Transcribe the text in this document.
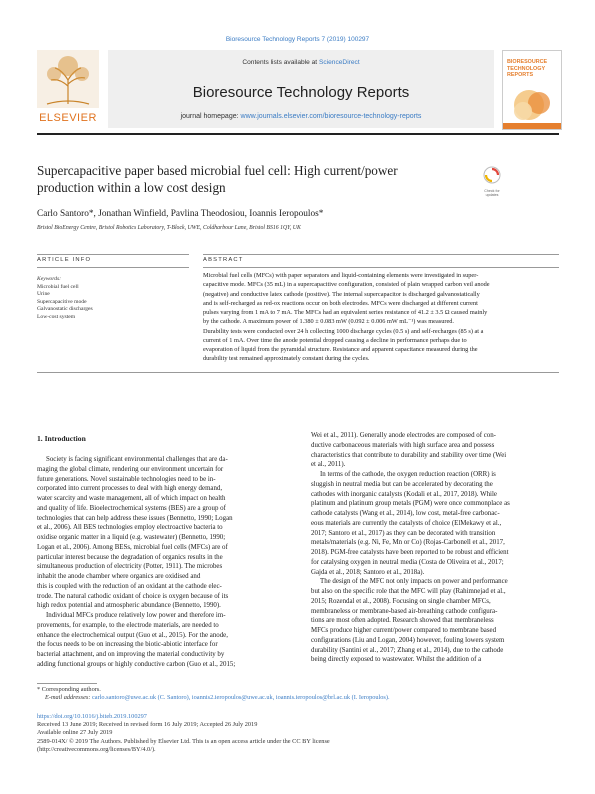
Bioresource Technology Reports 7 (2019) 100297
ELSEVIER
Contents lists available at ScienceDirect
Bioresource Technology Reports
journal homepage: www.journals.elsevier.com/bioresource-technology-reports
BIORESOURCE
TECHNOLOGY
REPORTS
Supercapacitive paper based microbial fuel cell: High current/power
production within a low cost design	Check for
updates
Carlo Santoro*, Jonathan Winfield, Pavlina Theodosiou, Ioannis Ieropoulos*
Bristol BioEnergy Centre, Bristol Robotics Laboratory, T-Block, UWE, Coldharbour Lane, Bristol BS16 1QY, UK
ARTICLE INFO	ABSTRACT
Keywords:
Microbial fuel cell
Urine
Supercapacitive mode
Galvanostatic discharges
Low-cost system
Microbial fuel cells (MFCs) with paper separators and liquid-containing elements were investigated in super-
capacitive mode. MFCs (35 mL) in a supercapacitive configuration, consisted of plain wrapped carbon veil anode
(negative) and conductive latex cathode (positive). The internal supercapacitor is discharged galvanostatically
and is self-recharged as red-ox reactions occur on both electrodes. MFCs were discharged at different current
pulses varying from 1 mA to 7 mA. The MFCs had an equivalent series resistance of 41.2 ± 3.5 Ω caused mainly
by the cathode. A maximum power of 1.380 ± 0.083 mW (0.092 ± 0.006 mW mL⁻¹) was measured.
Durability tests were conducted over 24 h collecting 1000 discharge cycles (0.5 s) and self-recharges (85 s) at a
current of 1 mA. Over time the anode potential dropped causing a decline in performance perhaps due to
evaporation of liquid from the pyramidal structure. Resistance and apparent capacitance measured during the
durability test remained approximately constant during the cycles.
1. Introduction
Society is facing significant environmental challenges that are da-
maging the global climate, rendering our environment uncertain for
future generations. Novel sustainable technologies need to be in-
corporated into current processes to deal with high energy demand,
water scarcity and waste management, all of which impact on health
and quality of life. Bioelectrochemical systems (BES) are a group of
technologies that can help address these issues (Bennetto, 1990; Logan
et al., 2006). All BES technologies employ electroactive bacteria to
oxidise organic matter in a liquid (e.g. wastewater) (Bennetto, 1990;
Logan et al., 2006). Among BESs, microbial fuel cells (MFCs) are of
particular interest because the degradation of organics results in the
simultaneous production of electricity (Potter, 1911). The microbes
inhabit the anode chamber where organics are oxidised and
this is coupled with the reduction of an oxidant at the cathode elec-
trode. The natural cathodic oxidant of choice is oxygen because of its
high redox potential and atmospheric abundance (Bennetto, 1990).
Individual MFCs produce relatively low power and therefore im-
provements, for example, to the electrode materials, are needed to
enhance the electrochemical output (Guo et al., 2015). For the anode,
the focus needs to be on increasing the biotic-abiotic interface for
bacterial attachment, and on improving the material conductivity by
adding functional groups or highly conductive carbon (Guo et al., 2015;
Wei et al., 2011). Generally anode electrodes are composed of con-
ductive carbonaceous materials with high surface area and possess
characteristics that contribute to durability and stability over time (Wei
et al., 2011).
In terms of the cathode, the oxygen reduction reaction (ORR) is
sluggish in neutral media but can be accelerated by decorating the
cathodes with inorganic catalysts (Kodali et al., 2017, 2018). While
platinum and platinum group metals (PGM) were once commonplace as
cathode catalysts (Wang et al., 2014), low cost, metal-free carbonac-
eous materials are currently the catalysts of choice (ElMekawy et al.,
2017; Santoro et al., 2017) as they can be decorated with transition
metals/materials (e.g. Ni, Fe, Mn or Co) (Rojas-Carbonell et al., 2017,
2018). PGM-free catalysts have been reported to be robust and efficient
for catalysing oxygen in neutral media (Costa de Oliveira et al., 2017;
Gajda et al., 2018; Santoro et al., 2018a).
The design of the MFC not only impacts on power and performance
but also on the specific role that the MFC will play (Rahimnejad et al.,
2015; Rozendal et al., 2008). Focusing on single chamber MFCs,
membraneless or membrane-based air-breathing cathode configura-
tions are most often adopted. Research showed that membraneless
MFCs produce higher current/power compared to membrane based
configurations (Liu and Logan, 2004) however, fouling lowers system
durability (Santini et al., 2017; Zhang et al., 2014), due to the cathode
being directly exposed to wastewater. Whilst the addition of a
* Corresponding authors.
E-mail addresses: carlo.santoro@uwe.ac.uk (C. Santoro), ioannis2.ieropoulos@uwe.ac.uk, ioannis.ieropoulos@brl.ac.uk (I. Ieropoulos).
https://doi.org/10.1016/j.biteb.2019.100297
Received 13 June 2019; Received in revised form 16 July 2019; Accepted 26 July 2019
Available online 27 July 2019
2589-014X/ © 2019 The Authors. Published by Elsevier Ltd. This is an open access article under the CC BY license
(http://creativecommons.org/licenses/BY/4.0/).
